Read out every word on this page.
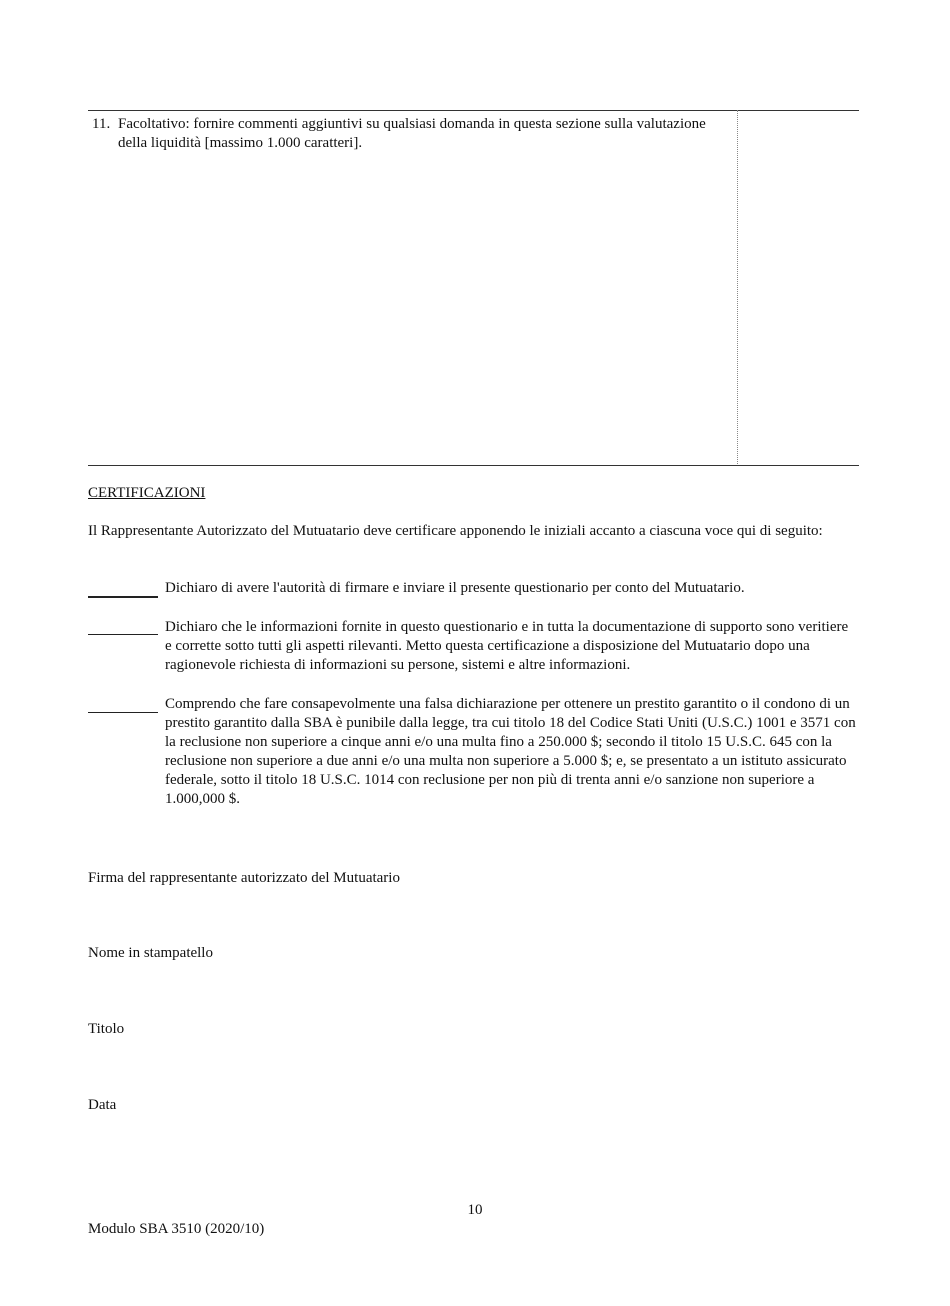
11. Facoltativo: fornire commenti aggiuntivi su qualsiasi domanda in questa sezione sulla valutazione della liquidità [massimo 1.000 caratteri].
CERTIFICAZIONI
Il Rappresentante Autorizzato del Mutuatario deve certificare apponendo le iniziali accanto a ciascuna voce qui di seguito:
Dichiaro di avere l'autorità di firmare e inviare il presente questionario per conto del Mutuatario.
Dichiaro che le informazioni fornite in questo questionario e in tutta la documentazione di supporto sono veritiere e corrette sotto tutti gli aspetti rilevanti. Metto questa certificazione a disposizione del Mutuatario dopo una ragionevole richiesta di informazioni su persone, sistemi e altre informazioni.
Comprendo che fare consapevolmente una falsa dichiarazione per ottenere un prestito garantito o il condono di un prestito garantito dalla SBA è punibile dalla legge, tra cui titolo 18 del Codice Stati Uniti (U.S.C.) 1001 e 3571 con la reclusione non superiore a cinque anni e/o una multa fino a 250.000 $; secondo il titolo 15 U.S.C. 645 con la reclusione non superiore a due anni e/o una multa non superiore a 5.000 $; e, se presentato a un istituto assicurato federale, sotto il titolo 18 U.S.C. 1014 con reclusione per non più di trenta anni e/o sanzione non superiore a 1.000,000 $.
Firma del rappresentante autorizzato del Mutuatario
Nome in stampatello
Titolo
Data
10
Modulo SBA 3510 (2020/10)
